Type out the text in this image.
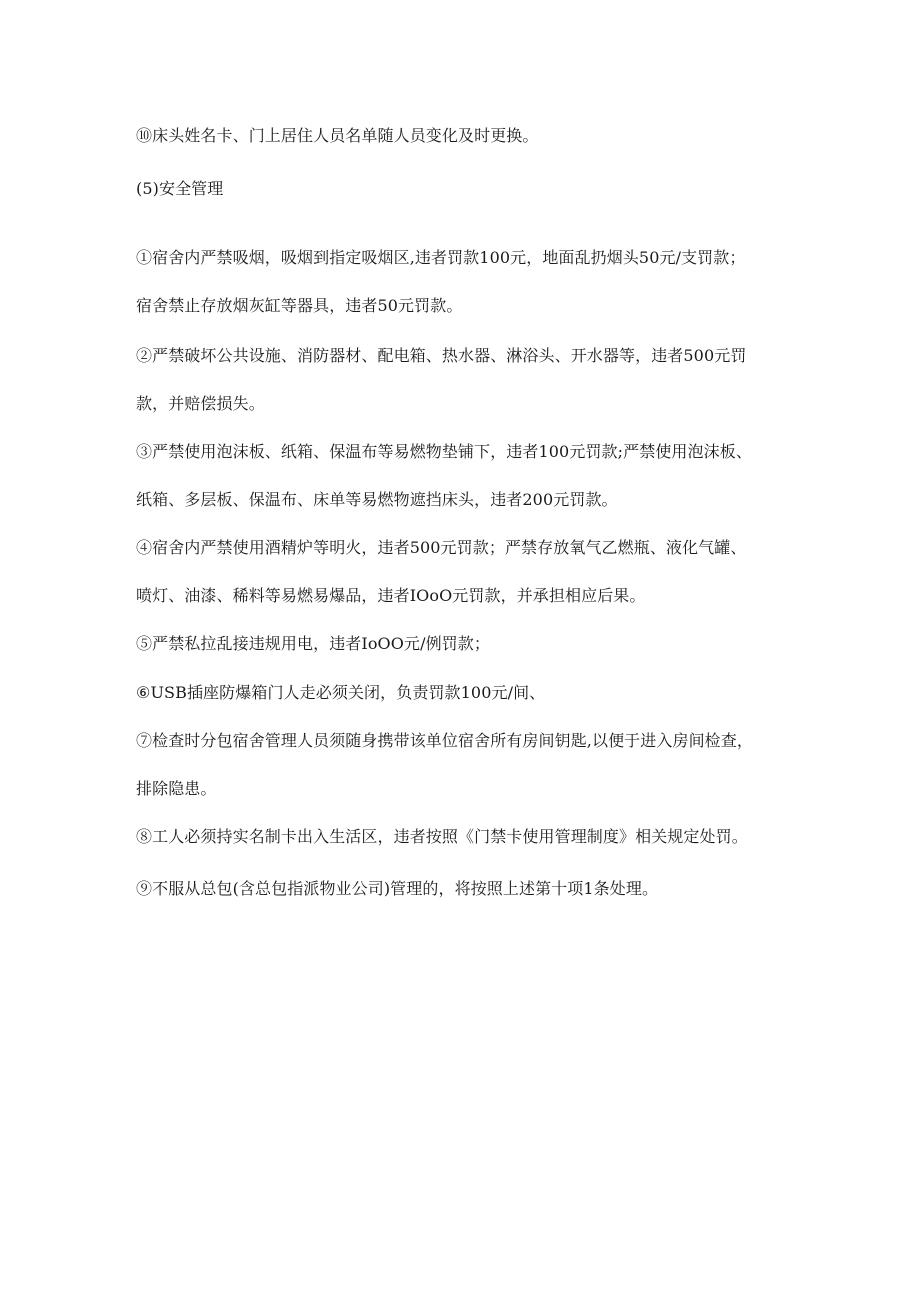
⑩床头姓名卡、门上居住人员名单随人员变化及时更换。
(5)安全管理
①宿舍内严禁吸烟，吸烟到指定吸烟区,违者罚款100元，地面乱扔烟头50元/支罚款；
宿舍禁止存放烟灰缸等器具，违者50元罚款。
②严禁破坏公共设施、消防器材、配电箱、热水器、淋浴头、开水器等，违者500元罚
款，并赔偿损失。
③严禁使用泡沫板、纸箱、保温布等易燃物垫铺下，违者100元罚款;严禁使用泡沫板、
纸箱、多层板、保温布、床单等易燃物遮挡床头，违者200元罚款。
④宿舍内严禁使用酒精炉等明火，违者500元罚款；严禁存放氧气乙燃瓶、液化气罐、
喷灯、油漆、稀料等易燃易爆品，违者IOoO元罚款，并承担相应后果。
⑤严禁私拉乱接违规用电，违者IoOO元/例罚款；
⑥USB插座防爆箱门人走必须关闭，负责罚款100元/间、
⑦检查时分包宿舍管理人员须随身携带该单位宿舍所有房间钥匙,以便于进入房间检查，
排除隐患。
⑧工人必须持实名制卡出入生活区，违者按照《门禁卡使用管理制度》相关规定处罚。
⑨不服从总包(含总包指派物业公司)管理的，将按照上述第十项1条处理。
